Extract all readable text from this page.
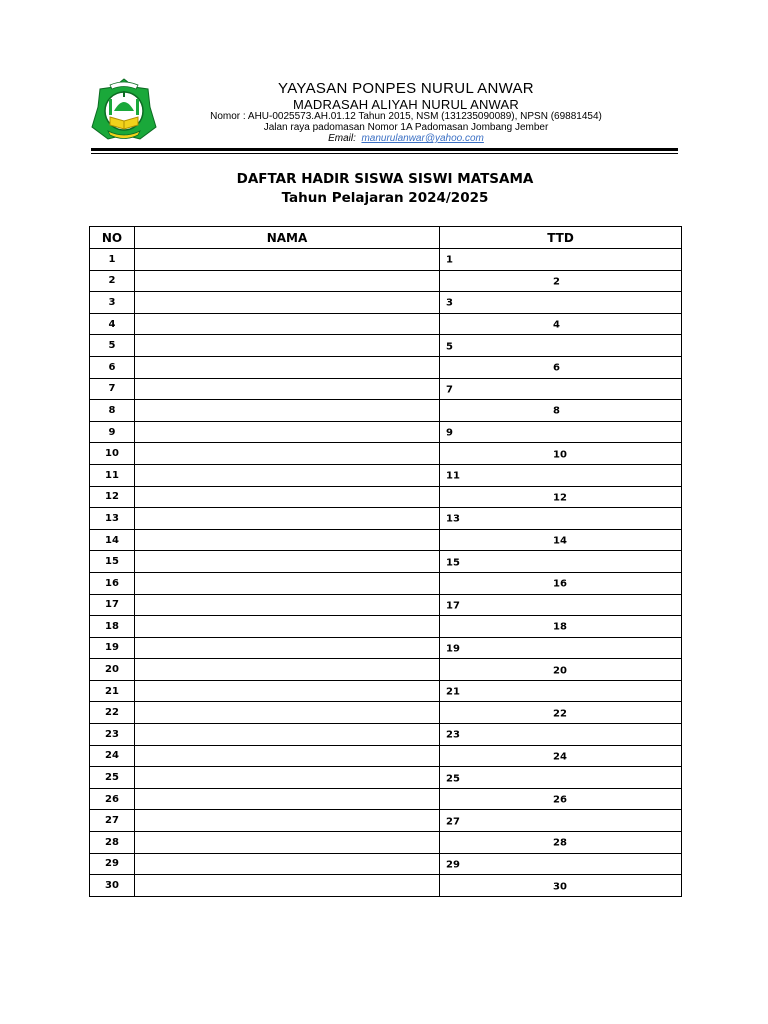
YAYASAN PONPES NURUL ANWAR
MADRASAH ALIYAH NURUL ANWAR
Nomor : AHU-0025573.AH.01.12 Tahun 2015, NSM (131235090089), NPSN (69881454)
Jalan raya padomasan Nomor 1A Padomasan Jombang Jember
Email: manurulanwar@yahoo.com
DAFTAR HADIR SISWA SISWI MATSAMA
Tahun Pelajaran 2024/2025
NO	NAMA	TTD
1		1

2		2

3		3

4		4

5		5

6		6

7		7

8		8

9		9

10		10

11		11

12		12

13		13

14		14

15		15

16		16

17		17

18		18

19		19

20		20

21		21

22		22

23		23

24		24

25		25

26		26

27		27

28		28

29		29

30		30
